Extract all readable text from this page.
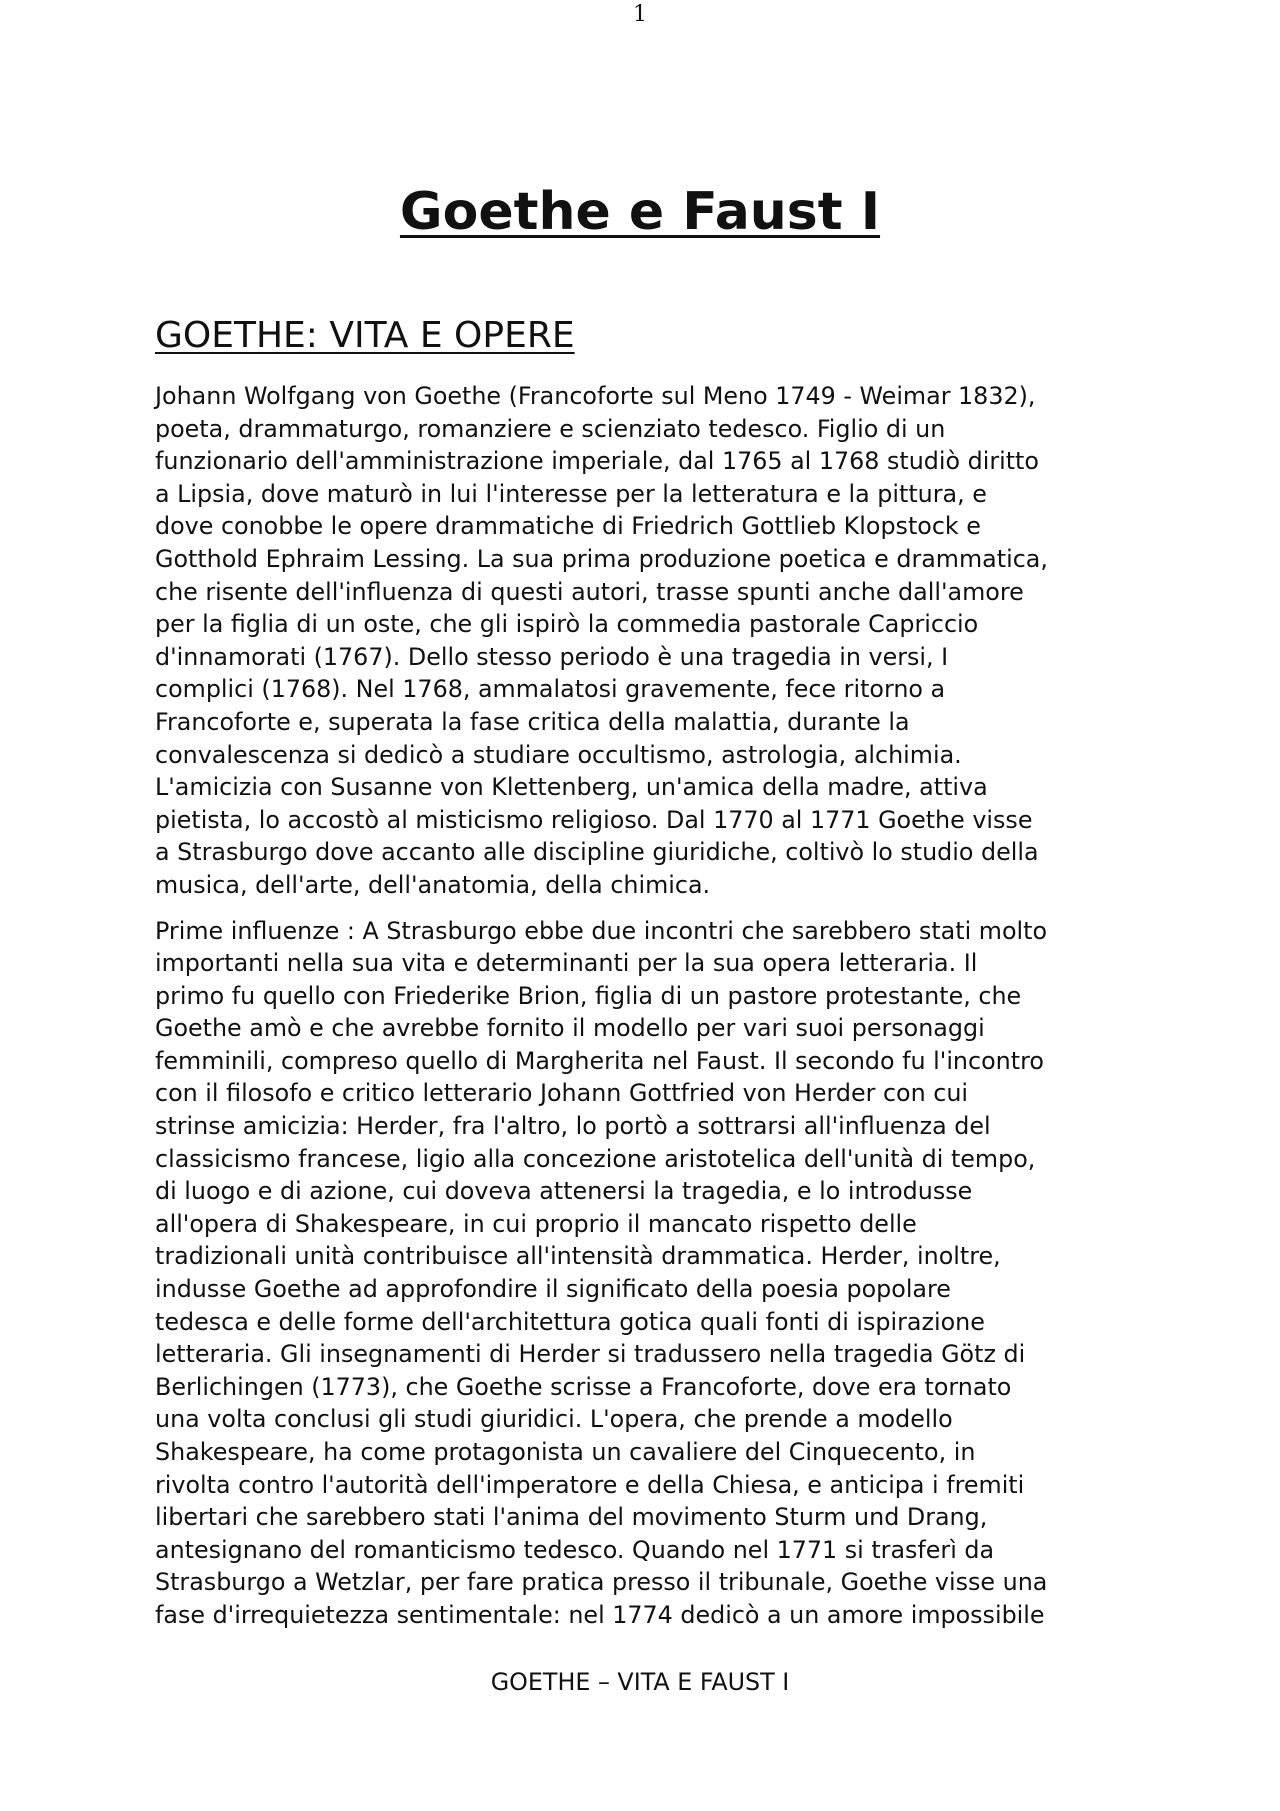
1
Goethe e Faust I
GOETHE: VITA E OPERE

Johann Wolfgang von Goethe (Francoforte sul Meno 1749 - Weimar 1832),
poeta, drammaturgo, romanziere e scienziato tedesco. Figlio di un
funzionario dell'amministrazione imperiale, dal 1765 al 1768 studiò diritto
a Lipsia, dove maturò in lui l'interesse per la letteratura e la pittura, e
dove conobbe le opere drammatiche di Friedrich Gottlieb Klopstock e
Gotthold Ephraim Lessing. La sua prima produzione poetica e drammatica,
che risente dell'influenza di questi autori, trasse spunti anche dall'amore
per la figlia di un oste, che gli ispirò la commedia pastorale Capriccio
d'innamorati (1767). Dello stesso periodo è una tragedia in versi, I
complici (1768). Nel 1768, ammalatosi gravemente, fece ritorno a
Francoforte e, superata la fase critica della malattia, durante la
convalescenza si dedicò a studiare occultismo, astrologia, alchimia.
L'amicizia con Susanne von Klettenberg, un'amica della madre, attiva
pietista, lo accostò al misticismo religioso. Dal 1770 al 1771 Goethe visse
a Strasburgo dove accanto alle discipline giuridiche, coltivò lo studio della
musica, dell'arte, dell'anatomia, della chimica.

Prime influenze : A Strasburgo ebbe due incontri che sarebbero stati molto
importanti nella sua vita e determinanti per la sua opera letteraria. Il
primo fu quello con Friederike Brion, figlia di un pastore protestante, che
Goethe amò e che avrebbe fornito il modello per vari suoi personaggi
femminili, compreso quello di Margherita nel Faust. Il secondo fu l'incontro
con il filosofo e critico letterario Johann Gottfried von Herder con cui
strinse amicizia: Herder, fra l'altro, lo portò a sottrarsi all'influenza del
classicismo francese, ligio alla concezione aristotelica dell'unità di tempo,
di luogo e di azione, cui doveva attenersi la tragedia, e lo introdusse
all'opera di Shakespeare, in cui proprio il mancato rispetto delle
tradizionali unità contribuisce all'intensità drammatica. Herder, inoltre,
indusse Goethe ad approfondire il significato della poesia popolare
tedesca e delle forme dell'architettura gotica quali fonti di ispirazione
letteraria. Gli insegnamenti di Herder si tradussero nella tragedia Götz di
Berlichingen (1773), che Goethe scrisse a Francoforte, dove era tornato
una volta conclusi gli studi giuridici. L'opera, che prende a modello
Shakespeare, ha come protagonista un cavaliere del Cinquecento, in
rivolta contro l'autorità dell'imperatore e della Chiesa, e anticipa i fremiti
libertari che sarebbero stati l'anima del movimento Sturm und Drang,
antesignano del romanticismo tedesco. Quando nel 1771 si trasferì da
Strasburgo a Wetzlar, per fare pratica presso il tribunale, Goethe visse una
fase d'irrequietezza sentimentale: nel 1774 dedicò a un amore impossibile

GOETHE – VITA E FAUST I
